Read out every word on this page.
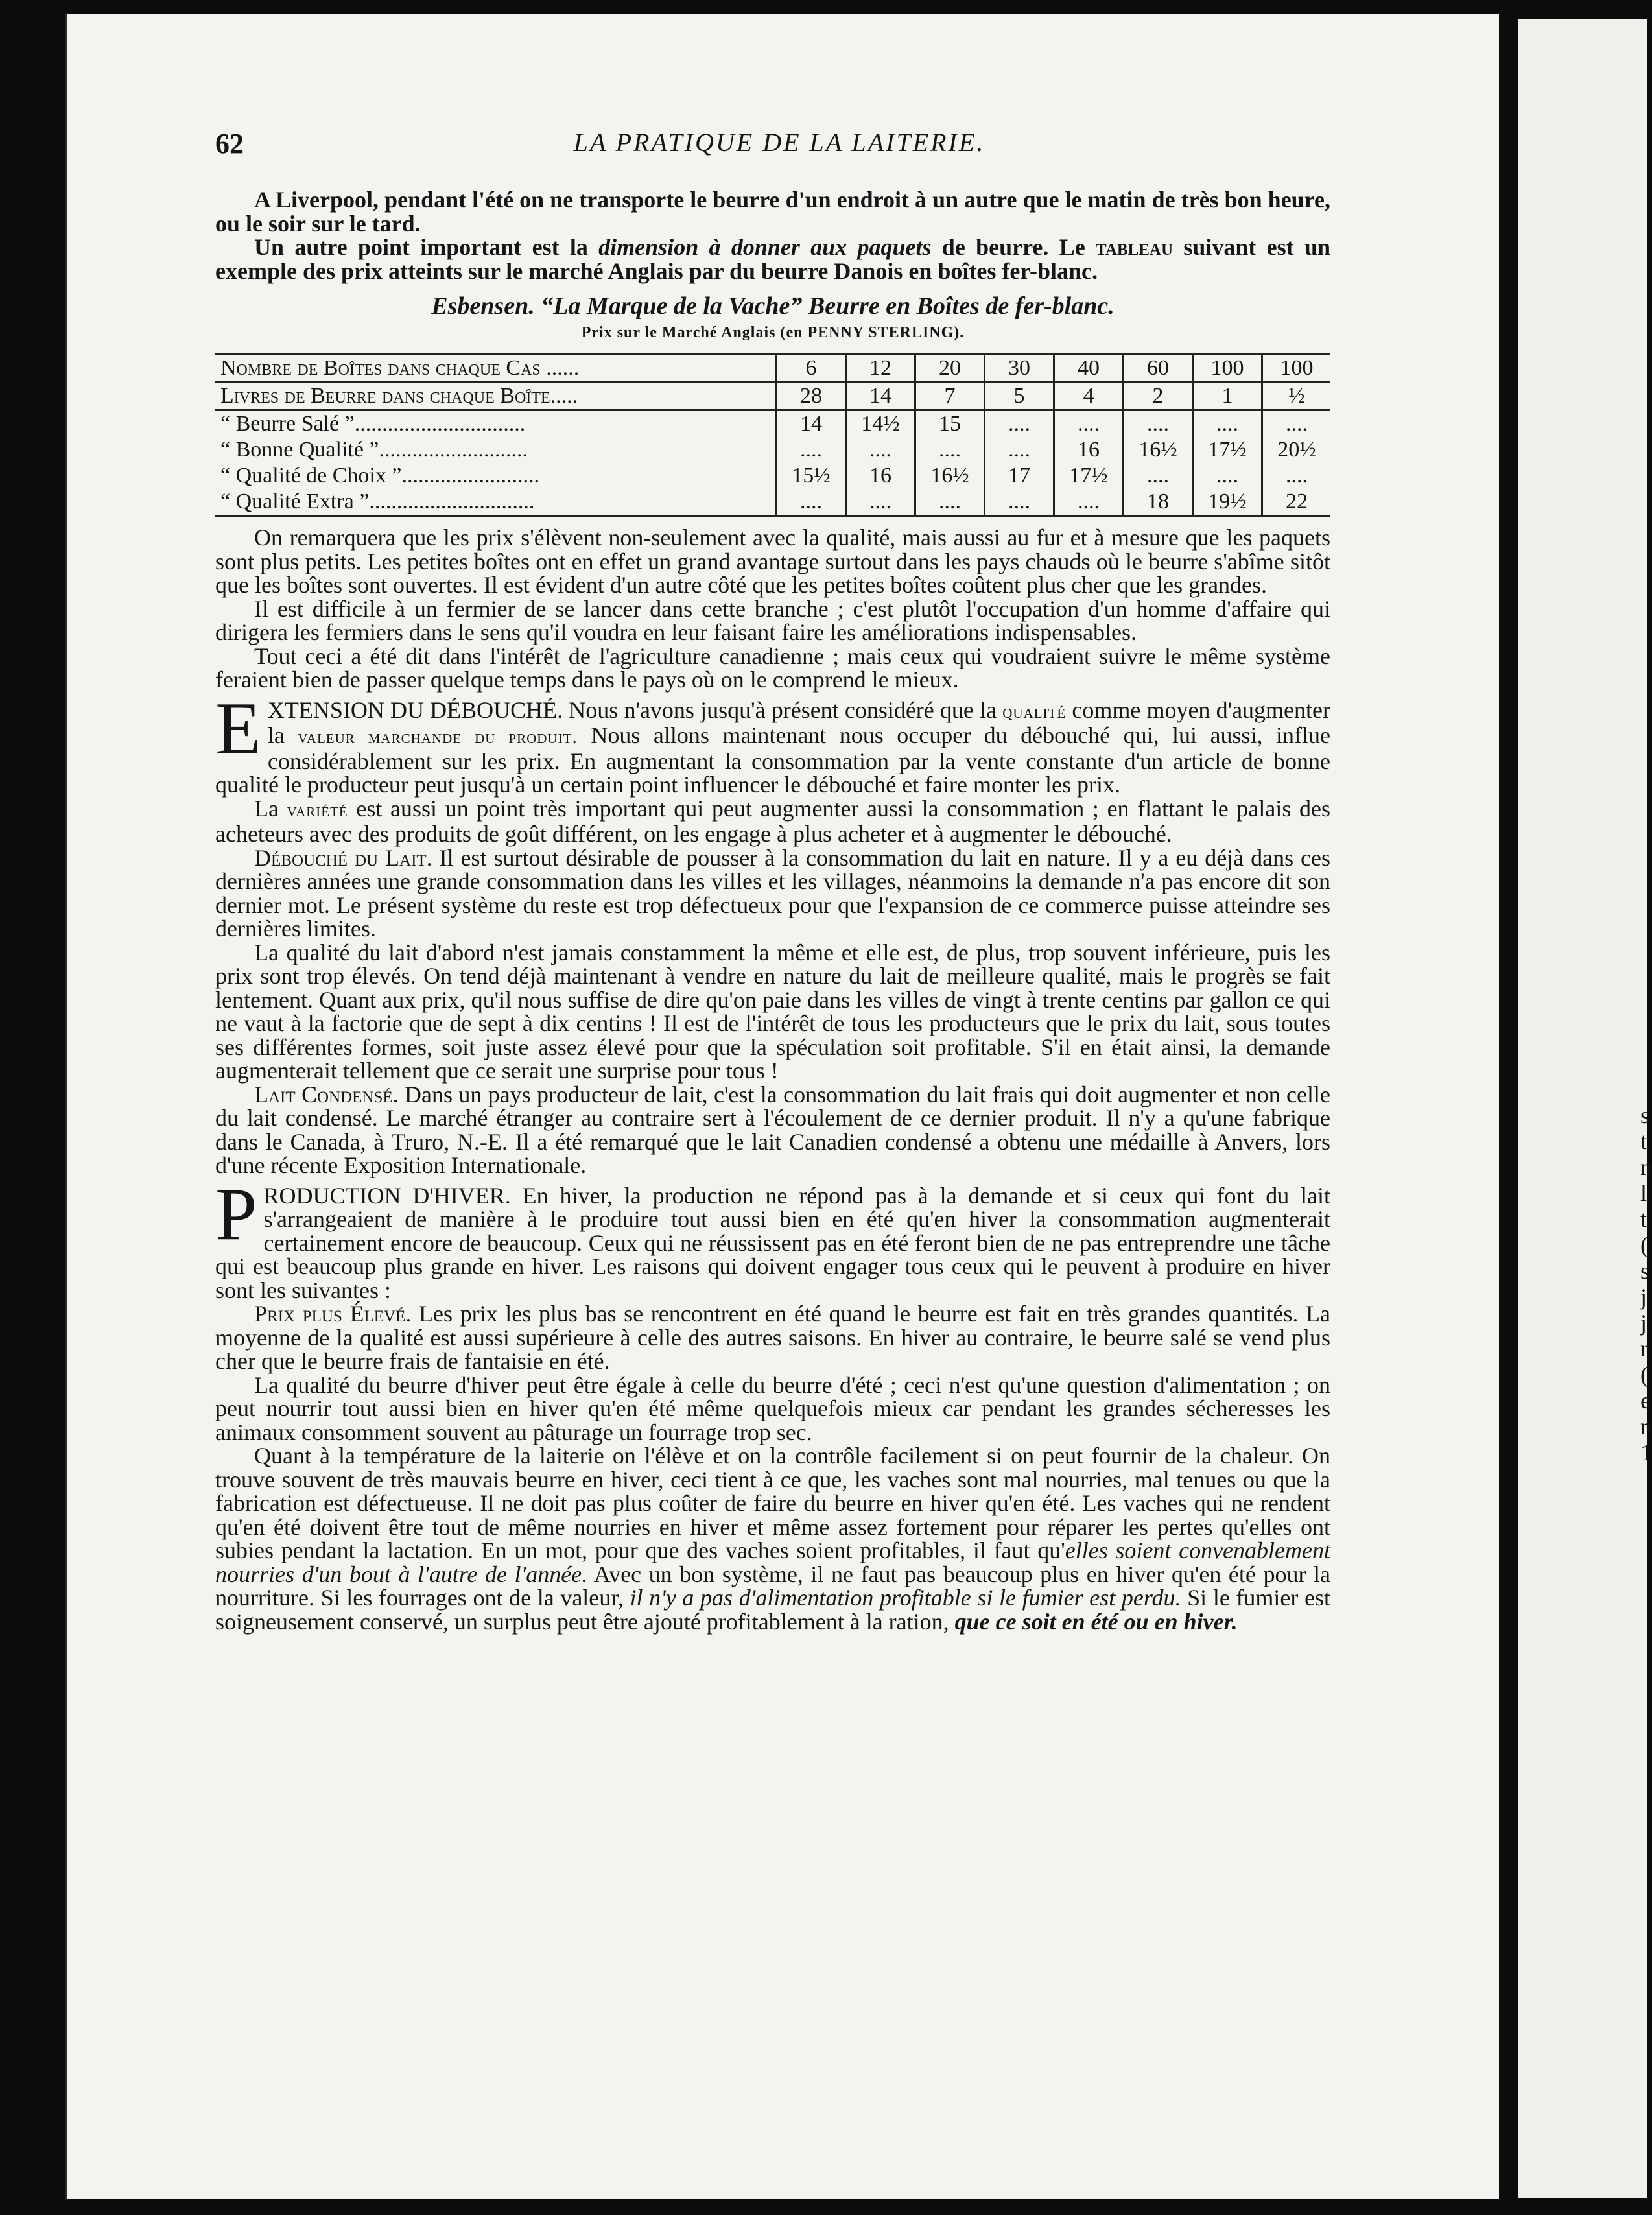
s
t
n
l
t
(
s
j
j
r
(
e
n
1
62	LA PRATIQUE DE LA LAITERIE.

A Liverpool, pendant l'été on ne transporte le beurre d'un endroit à un autre que le matin de très bon heure, ou le soir sur le tard.

Un autre point important est la dimension à donner aux paquets de beurre. Le tableau suivant est un exemple des prix atteints sur le marché Anglais par du beurre Danois en boîtes fer-blanc.

Esbensen. “La Marque de la Vache” Beurre en Boîtes de fer-blanc.
Prix sur le Marché Anglais (en PENNY STERLING).
Nombre de Boîtes dans chaque Cas ......	6	12	20	30	40	60	100	100
Livres de Beurre dans chaque Boîte.....	28	14	7	5	4	2	1	½
“ Beurre Salé ”...............................	14	14½	15	....	....	....	....	....
“ Bonne Qualité ”...........................	....	....	....	....	16	16½	17½	20½
“ Qualité de Choix ”.........................	15½	16	16½	17	17½	....	....	....
“ Qualité Extra ”..............................	....	....	....	....	....	18	19½	22

On remarquera que les prix s'élèvent non-seulement avec la qualité, mais aussi au fur et à mesure que les paquets sont plus petits. Les petites boîtes ont en effet un grand avantage surtout dans les pays chauds où le beurre s'abîme sitôt que les boîtes sont ouvertes. Il est évident d'un autre côté que les petites boîtes coûtent plus cher que les grandes.

Il est difficile à un fermier de se lancer dans cette branche ; c'est plutôt l'occupation d'un homme d'affaire qui dirigera les fermiers dans le sens qu'il voudra en leur faisant faire les améliorations indispensables.

Tout ceci a été dit dans l'intérêt de l'agriculture canadienne ; mais ceux qui voudraient suivre le même système feraient bien de passer quelque temps dans le pays où on le comprend le mieux.

E XTENSION DU DÉBOUCHÉ. Nous n'avons jusqu'à présent considéré que la qualité comme moyen d'augmenter la valeur marchande du produit. Nous allons maintenant nous occuper du débouché qui, lui aussi, influe considérablement sur les prix. En augmentant la consommation par la vente constante d'un article de bonne qualité le producteur peut jusqu'à un certain point influencer le débouché et faire monter les prix.

La variété est aussi un point très important qui peut augmenter aussi la consommation ; en flattant le palais des acheteurs avec des produits de goût différent, on les engage à plus acheter et à augmenter le débouché.

Débouché du Lait. Il est surtout désirable de pousser à la consommation du lait en nature. Il y a eu déjà dans ces dernières années une grande consommation dans les villes et les villages, néanmoins la demande n'a pas encore dit son dernier mot. Le présent système du reste est trop défectueux pour que l'expansion de ce commerce puisse atteindre ses dernières limites.

La qualité du lait d'abord n'est jamais constamment la même et elle est, de plus, trop souvent inférieure, puis les prix sont trop élevés. On tend déjà maintenant à vendre en nature du lait de meilleure qualité, mais le progrès se fait lentement. Quant aux prix, qu'il nous suffise de dire qu'on paie dans les villes de vingt à trente centins par gallon ce qui ne vaut à la factorie que de sept à dix centins ! Il est de l'intérêt de tous les producteurs que le prix du lait, sous toutes ses différentes formes, soit juste assez élevé pour que la spéculation soit profitable. S'il en était ainsi, la demande augmenterait tellement que ce serait une surprise pour tous !

Lait Condensé. Dans un pays producteur de lait, c'est la consommation du lait frais qui doit augmenter et non celle du lait condensé. Le marché étranger au contraire sert à l'écoulement de ce dernier produit. Il n'y a qu'une fabrique dans le Canada, à Truro, N.-E. Il a été remarqué que le lait Canadien condensé a obtenu une médaille à Anvers, lors d'une récente Exposition Internationale.

P RODUCTION D'HIVER. En hiver, la production ne répond pas à la demande et si ceux qui font du lait s'arrangeaient de manière à le produire tout aussi bien en été qu'en hiver la consommation augmenterait certainement encore de beaucoup. Ceux qui ne réussissent pas en été feront bien de ne pas entreprendre une tâche qui est beaucoup plus grande en hiver. Les raisons qui doivent engager tous ceux qui le peuvent à produire en hiver sont les suivantes :

Prix plus Élevé. Les prix les plus bas se rencontrent en été quand le beurre est fait en très grandes quantités. La moyenne de la qualité est aussi supérieure à celle des autres saisons. En hiver au contraire, le beurre salé se vend plus cher que le beurre frais de fantaisie en été.

La qualité du beurre d'hiver peut être égale à celle du beurre d'été ; ceci n'est qu'une question d'alimentation ; on peut nourrir tout aussi bien en hiver qu'en été même quelquefois mieux car pendant les grandes sécheresses les animaux consomment souvent au pâturage un fourrage trop sec.

Quant à la température de la laiterie on l'élève et on la contrôle facilement si on peut fournir de la chaleur. On trouve souvent de très mauvais beurre en hiver, ceci tient à ce que, les vaches sont mal nourries, mal tenues ou que la fabrication est défectueuse. Il ne doit pas plus coûter de faire du beurre en hiver qu'en été. Les vaches qui ne rendent qu'en été doivent être tout de même nourries en hiver et même assez fortement pour réparer les pertes qu'elles ont subies pendant la lactation. En un mot, pour que des vaches soient profitables, il faut qu'elles soient convenablement nourries d'un bout à l'autre de l'année. Avec un bon système, il ne faut pas beaucoup plus en hiver qu'en été pour la nourriture. Si les fourrages ont de la valeur, il n'y a pas d'alimentation profitable si le fumier est perdu. Si le fumier est soigneusement conservé, un surplus peut être ajouté profitablement à la ration, que ce soit en été ou en hiver.
